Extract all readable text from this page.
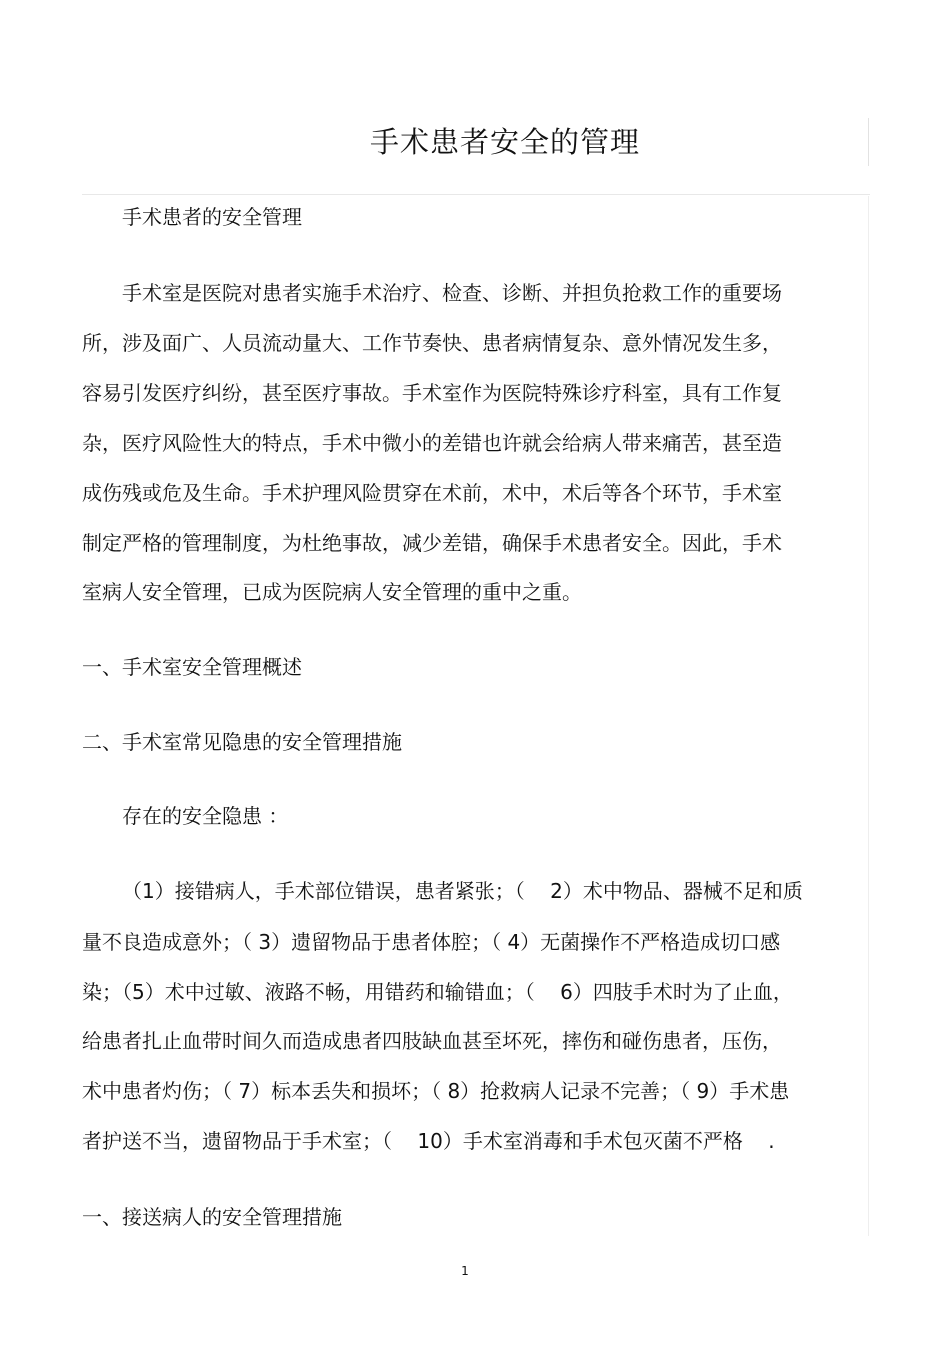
手术患者安全的管理
手术患者的安全管理
手术室是医院对患者实施手术治疗、检查、诊断、并担负抢救工作的重要场
所，涉及面广、人员流动量大、工作节奏快、患者病情复杂、意外情况发生多，
容易引发医疗纠纷，甚至医疗事故。手术室作为医院特殊诊疗科室，具有工作复
杂，医疗风险性大的特点，手术中微小的差错也许就会给病人带来痛苦，甚至造
成伤残或危及生命。手术护理风险贯穿在术前，术中，术后等各个环节，手术室
制定严格的管理制度，为杜绝事故，减少差错，确保手术患者安全。因此，手术
室病人安全管理，已成为医院病人安全管理的重中之重。
一、手术室安全管理概述
二、手术室常见隐患的安全管理措施
存在的安全隐患 ：
（1）接错病人，手术部位错误，患者紧张；（    2）术中物品、器械不足和质
量不良造成意外；（ 3）遗留物品于患者体腔；（ 4）无菌操作不严格造成切口感
染；（5）术中过敏、液路不畅，用错药和输错血；（    6）四肢手术时为了止血，
给患者扎止血带时间久而造成患者四肢缺血甚至坏死，摔伤和碰伤患者，压伤，
术中患者灼伤；（ 7）标本丢失和损坏；（ 8）抢救病人记录不完善；（ 9）手术患
者护送不当，遗留物品于手术室；（    10）手术室消毒和手术包灭菌不严格    .
一、接送病人的安全管理措施
1
